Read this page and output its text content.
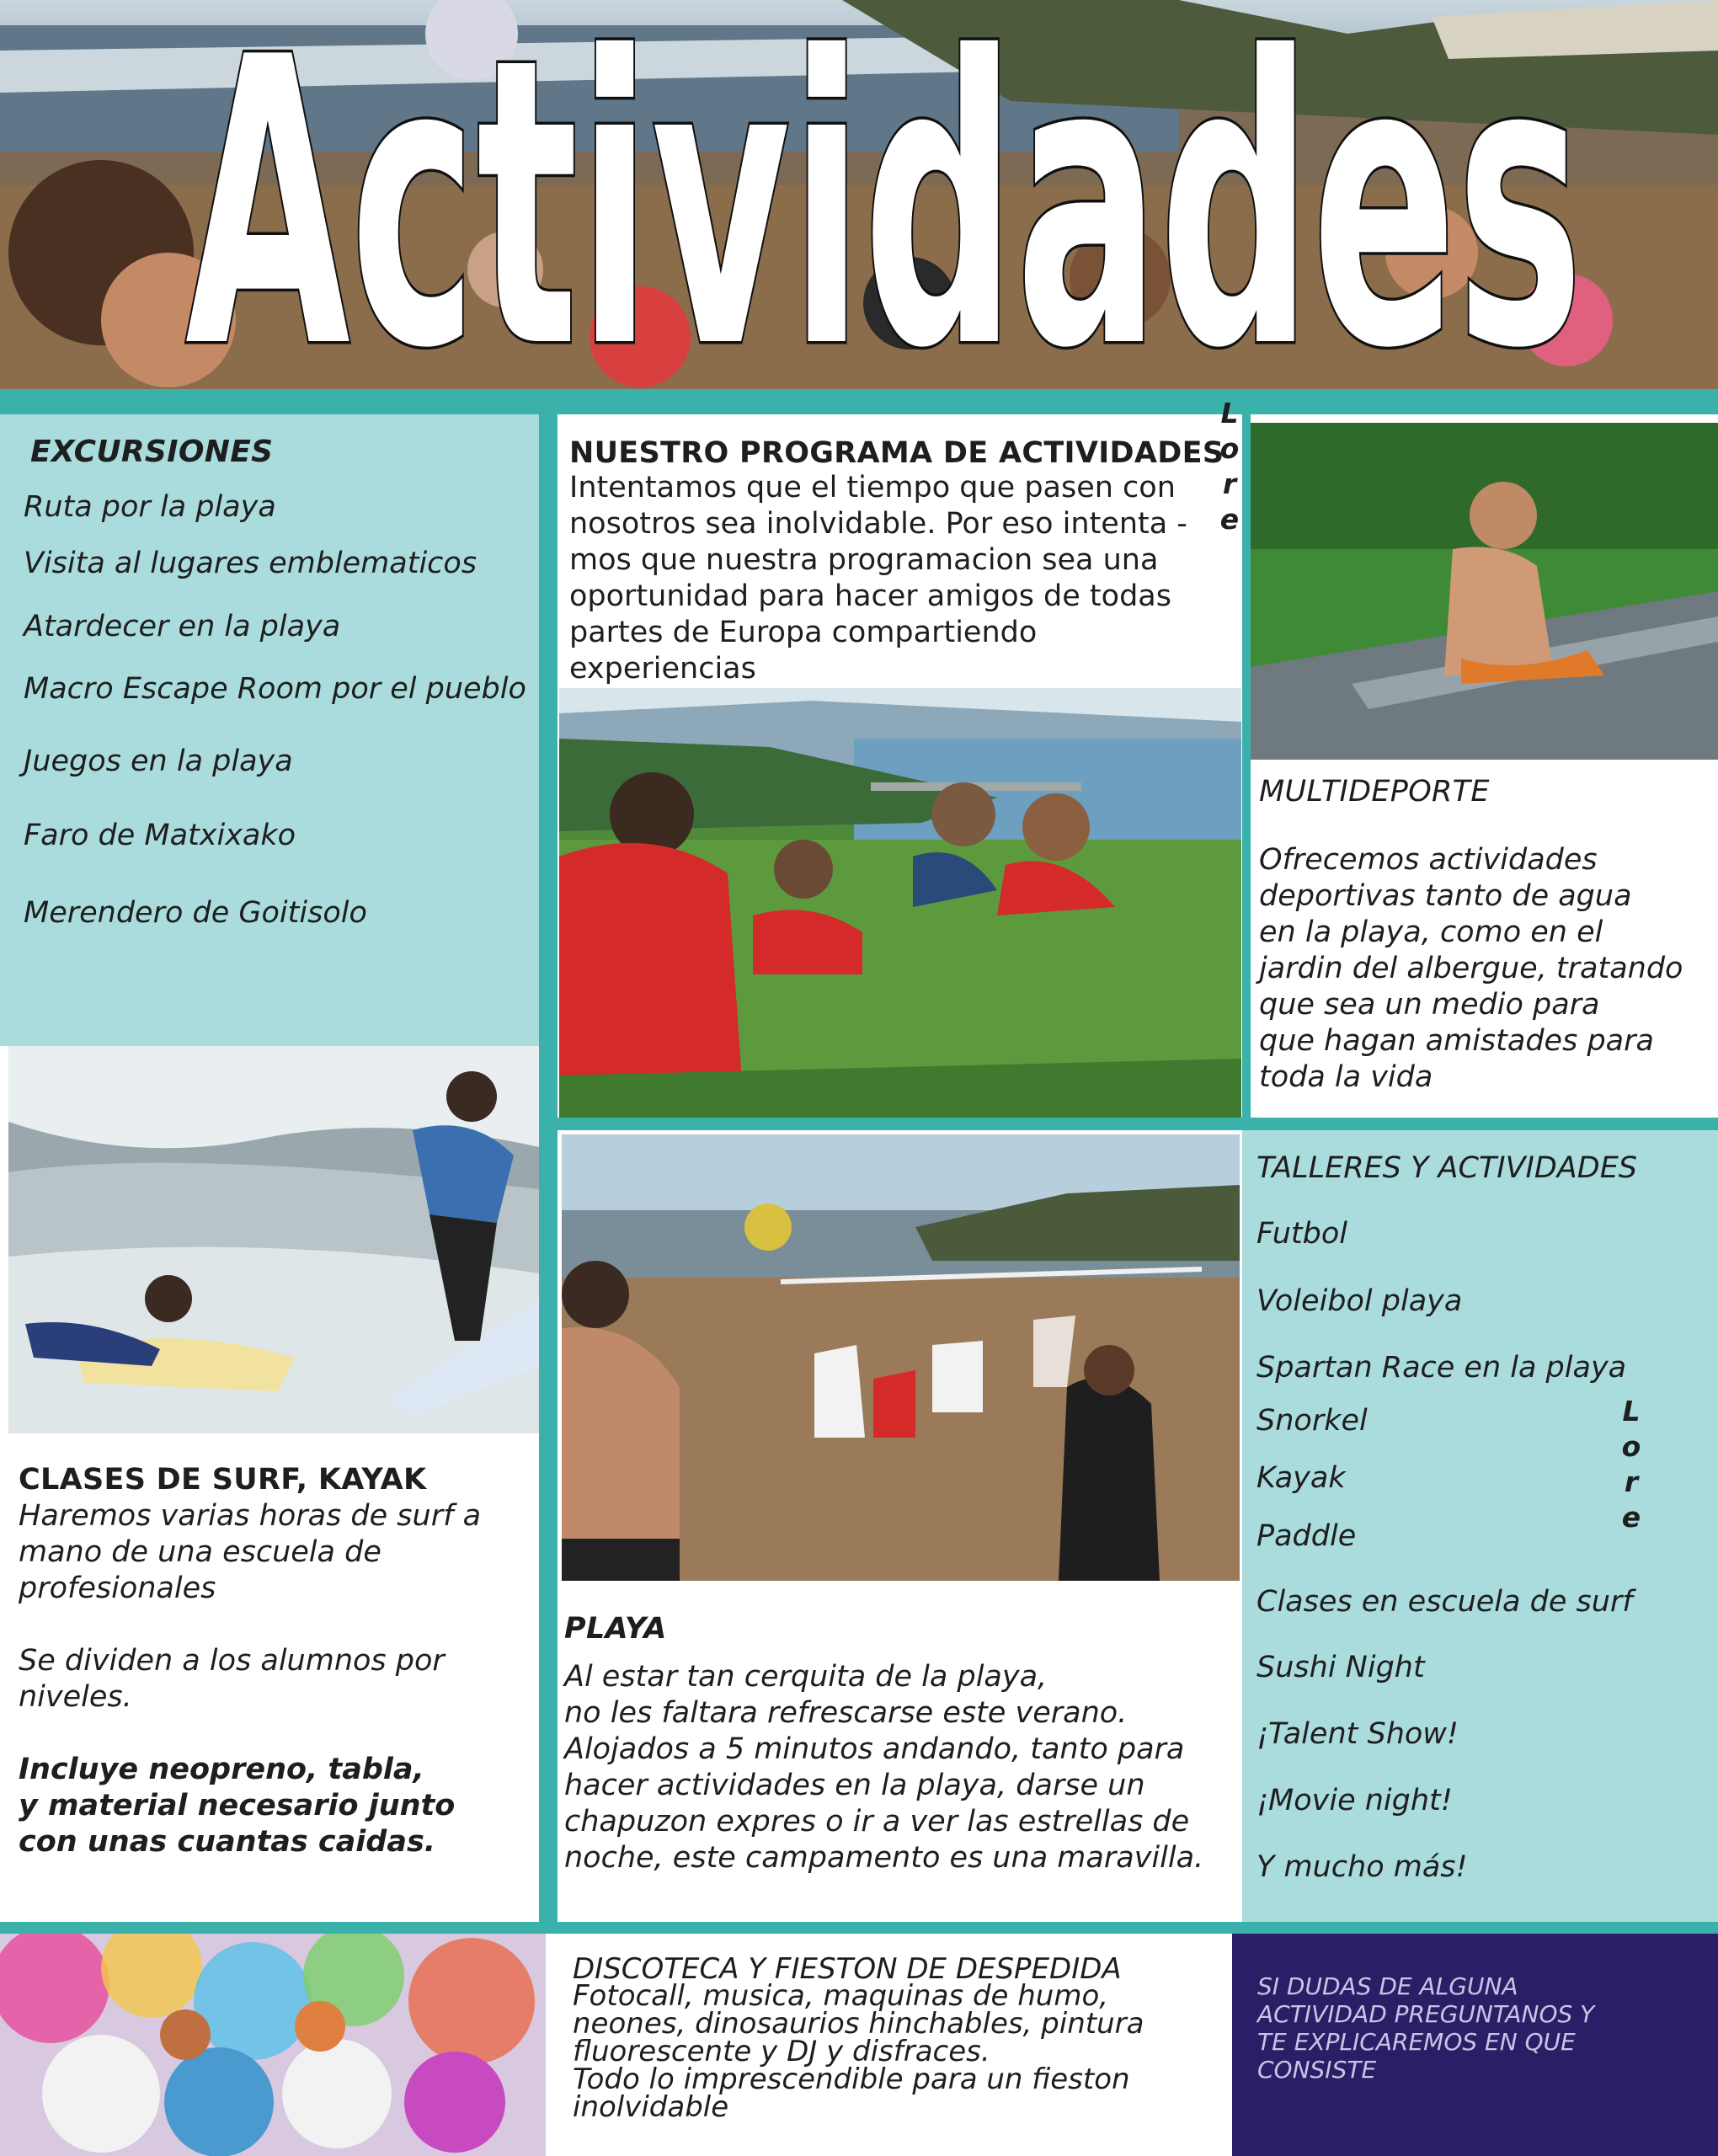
Actividades
EXCURSIONES
Ruta por la playa
Visita al lugares emblematicos
Atardecer en la playa
Macro Escape Room por el pueblo
Juegos en la playa
Faro de Matxixako
Merendero de Goitisolo
NUESTRO PROGRAMA DE ACTIVIDADES
Intentamos que el tiempo que pasen con
nosotros sea inolvidable. Por eso intenta -
mos que nuestra programacion sea una
oportunidad para hacer amigos de todas
partes de Europa compartiendo
experiencias
L
o
r
e
MULTIDEPORTE
Ofrecemos actividades
deportivas tanto de agua
en la playa, como en el
jardin del albergue, tratando
que sea un medio para
que hagan amistades para
toda la vida
CLASES DE SURF, KAYAK
Haremos varias horas de surf a
mano de una escuela de
profesionales
Se dividen a los alumnos por
niveles.
Incluye neopreno, tabla,
y material necesario junto
con unas cuantas caidas.
PLAYA
Al estar tan cerquita de la playa,
no les faltara refrescarse este verano.
Alojados a 5 minutos andando, tanto para
hacer actividades en la playa, darse un
chapuzon expres o ir a ver las estrellas de
noche, este campamento es una maravilla.
TALLERES Y ACTIVIDADES
Futbol
Voleibol playa
Spartan Race en la playa
Snorkel
Kayak
Paddle
Clases en escuela de surf
Sushi Night
¡Talent Show!
¡Movie night!
Y mucho más!
L
o
r
e
DISCOTECA Y FIESTON DE DESPEDIDA
Fotocall, musica, maquinas de humo,
neones, dinosaurios hinchables, pintura
fluorescente y DJ y disfraces.
Todo lo imprescendible para un fieston
inolvidable
SI DUDAS DE ALGUNA
ACTIVIDAD PREGUNTANOS Y
TE EXPLICAREMOS EN QUE
CONSISTE
